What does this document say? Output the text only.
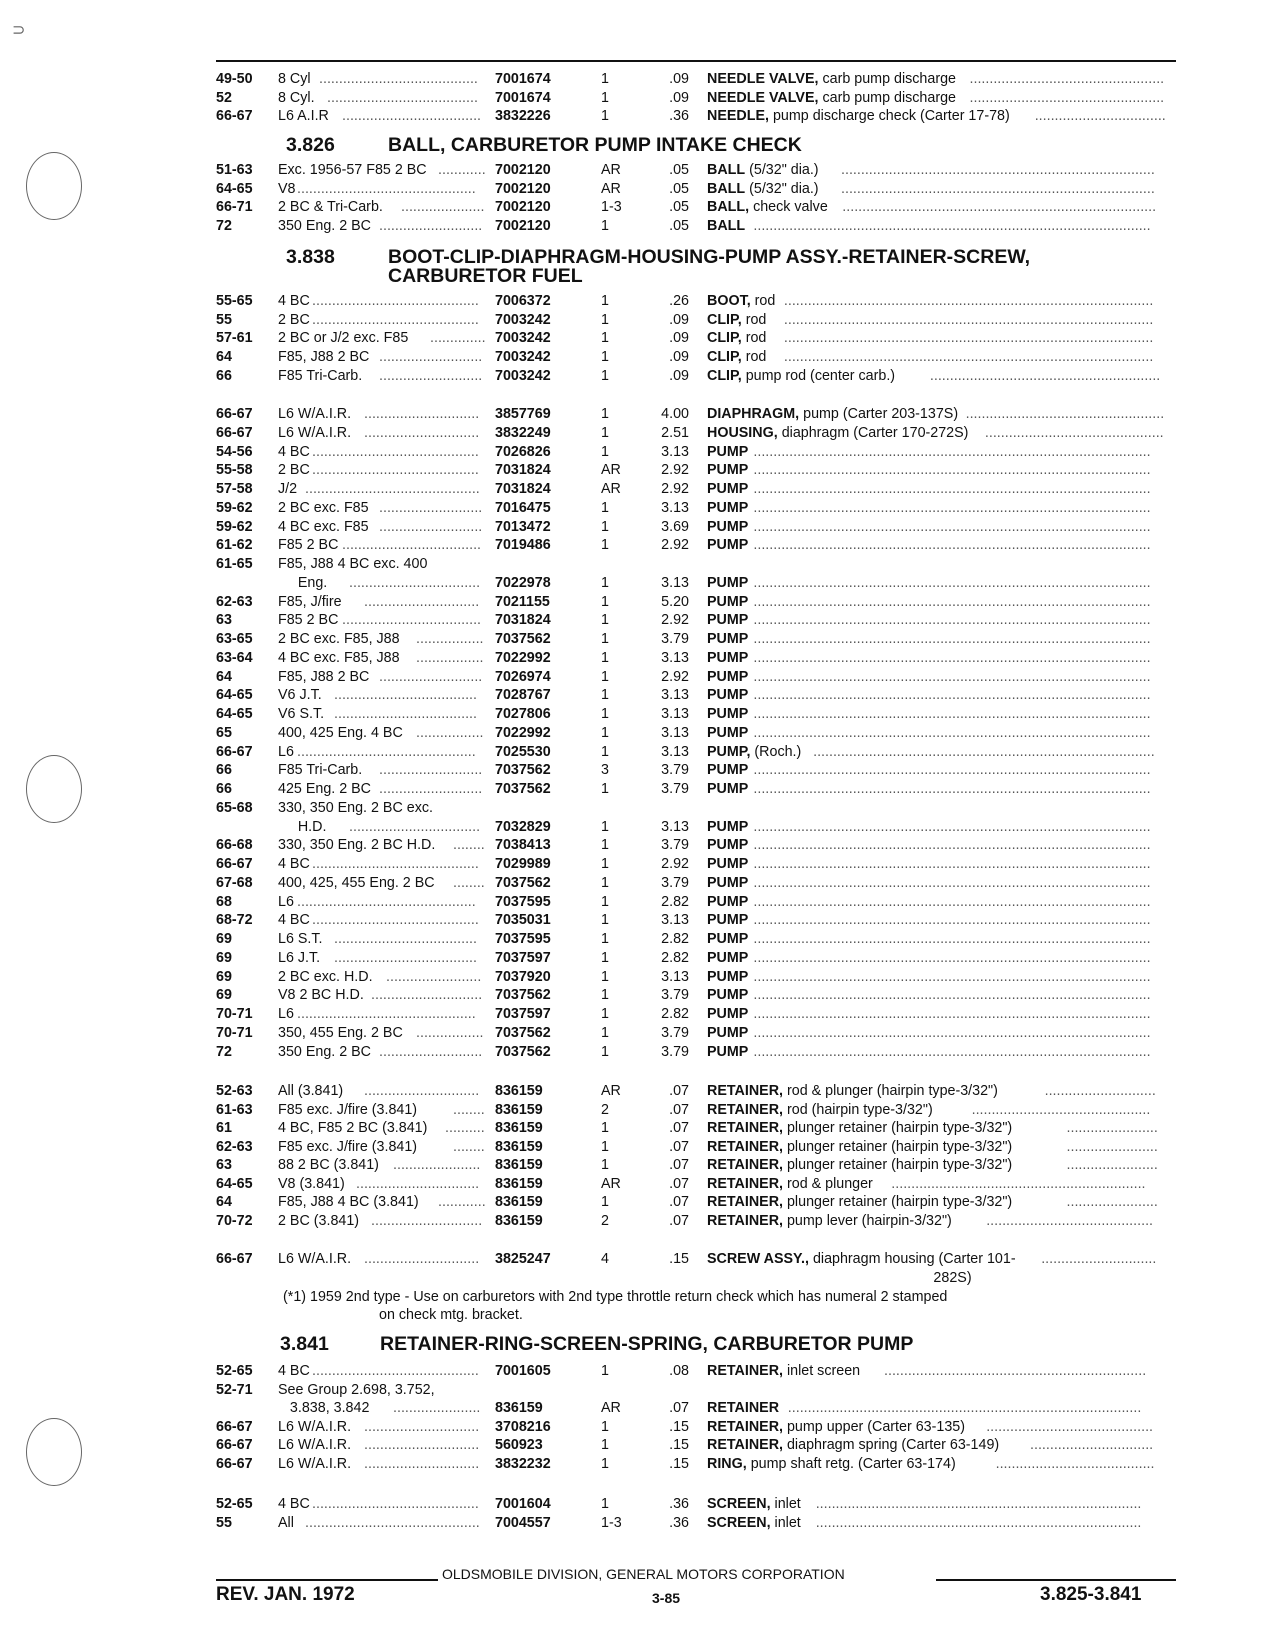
⊃
3.826	BALL, CARBURETOR PUMP INTAKE CHECK
3.838	BOOT-CLIP-DIAPHRAGM-HOUSING-PUMP ASSY.-RETAINER-SCREW,
CARBURETOR FUEL
(*1) 1959 2nd type - Use on carburetors with 2nd type throttle return check which has numeral 2 stamped
on check mtg. bracket.
3.841	RETAINER-RING-SCREEN-SPRING, CARBURETOR PUMP
OLDSMOBILE DIVISION, GENERAL MOTORS CORPORATION
REV. JAN. 1972	3-85	3.825-3.841
49-50 8 Cyl ........................................ 7001674	1	.09 NEEDLE VALVE, carb pump discharge .................................................
52	8 Cyl. ...................................... 7001674	1	.09 NEEDLE VALVE, carb pump discharge .................................................
66-67 L6 A.I.R ................................... 3832226	1	.36 NEEDLE, pump discharge check (Carter 17-78) .................................
51-63 Exc. 1956-57 F85 2 BC ............ 7002120	AR	.05 BALL (5/32" dia.) ...............................................................................
64-65 V8 ............................................. 7002120	AR	.05 BALL (5/32" dia.) ...............................................................................
66-71 2 BC & Tri-Carb. ..................... 7002120	1-3	.05 BALL, check valve ...............................................................................
72	350 Eng. 2 BC .......................... 7002120	1	.05 BALL ....................................................................................................
55-65 4 BC .......................................... 7006372	1	.26 BOOT, rod .............................................................................................
55	2 BC .......................................... 7003242	1	.09 CLIP, rod .............................................................................................
57-61 2 BC or J/2 exc. F85 .............. 7003242	1	.09 CLIP, rod .............................................................................................
64	F85, J88 2 BC .......................... 7003242	1	.09 CLIP, rod .............................................................................................
66	F85 Tri-Carb. .......................... 7003242	1	.09 CLIP, pump rod (center carb.) ..........................................................
66-67 L6 W/A.I.R. ............................. 3857769	1	4.00 DIAPHRAGM, pump (Carter 203-137S) ..................................................
66-67 L6 W/A.I.R. ............................. 3832249	1	2.51 HOUSING, diaphragm (Carter 170-272S) .............................................
54-56 4 BC .......................................... 7026826	1	3.13 PUMP ....................................................................................................
55-58 2 BC .......................................... 7031824	AR	2.92 PUMP ....................................................................................................
57-58 J/2 ............................................ 7031824	AR	2.92 PUMP ....................................................................................................
59-62 2 BC exc. F85 .......................... 7016475	1	3.13 PUMP ....................................................................................................
59-62 4 BC exc. F85 .......................... 7013472	1	3.69 PUMP ....................................................................................................
61-62 F85 2 BC ................................... 7019486	1	2.92 PUMP ....................................................................................................
61-65 F85, J88 4 BC exc. 400

Eng. ................................. 7022978	1	3.13 PUMP ....................................................................................................
62-63 F85, J/fire ............................. 7021155	1	5.20 PUMP ....................................................................................................
63	F85 2 BC ................................... 7031824	1	2.92 PUMP ....................................................................................................
63-65 2 BC exc. F85, J88 ................. 7037562	1	3.79 PUMP ....................................................................................................
63-64 4 BC exc. F85, J88 ................. 7022992	1	3.13 PUMP ....................................................................................................
64	F85, J88 2 BC .......................... 7026974	1	2.92 PUMP ....................................................................................................
64-65 V6 J.T. .................................... 7028767	1	3.13 PUMP ....................................................................................................
64-65 V6 S.T. .................................... 7027806	1	3.13 PUMP ....................................................................................................
65	400, 425 Eng. 4 BC ................. 7022992	1	3.13 PUMP ....................................................................................................
66-67 L6 ............................................. 7025530	1	3.13 PUMP, (Roch.) ......................................................................................
66	F85 Tri-Carb. .......................... 7037562	3	3.79 PUMP ....................................................................................................
66	425 Eng. 2 BC .......................... 7037562	1	3.79 PUMP ....................................................................................................
65-68 330, 350 Eng. 2 BC exc.

H.D. ................................. 7032829	1	3.13 PUMP ....................................................................................................
66-68 330, 350 Eng. 2 BC H.D. ........ 7038413	1	3.79 PUMP ....................................................................................................
66-67 4 BC .......................................... 7029989	1	2.92 PUMP ....................................................................................................
67-68 400, 425, 455 Eng. 2 BC ........ 7037562	1	3.79 PUMP ....................................................................................................
68	L6 ............................................. 7037595	1	2.82 PUMP ....................................................................................................
68-72 4 BC .......................................... 7035031	1	3.13 PUMP ....................................................................................................
69	L6 S.T. .................................... 7037595	1	2.82 PUMP ....................................................................................................
69	L6 J.T. .................................... 7037597	1	2.82 PUMP ....................................................................................................
69	2 BC exc. H.D. ........................ 7037920	1	3.13 PUMP ....................................................................................................
69	V8 2 BC H.D. ............................ 7037562	1	3.79 PUMP ....................................................................................................
70-71 L6 ............................................. 7037597	1	2.82 PUMP ....................................................................................................
70-71 350, 455 Eng. 2 BC ................. 7037562	1	3.79 PUMP ....................................................................................................
72	350 Eng. 2 BC .......................... 7037562	1	3.79 PUMP ....................................................................................................
52-63 All (3.841) ............................. 836159	AR	.07 RETAINER, rod & plunger (hairpin type-3/32")	............................
61-63 F85 exc. J/fire (3.841)	........ 836159	2	.07 RETAINER, rod (hairpin type-3/32")	.............................................
61	4 BC, F85 2 BC (3.841) .......... 836159	1	.07 RETAINER, plunger retainer (hairpin type-3/32")	.......................
62-63 F85 exc. J/fire (3.841)	........ 836159	1	.07 RETAINER, plunger retainer (hairpin type-3/32")	.......................
63	88 2 BC (3.841) ...................... 836159	1	.07 RETAINER, plunger retainer (hairpin type-3/32")	.......................
64-65 V8 (3.841) ............................... 836159	AR	.07 RETAINER, rod & plunger ................................................................
64	F85, J88 4 BC (3.841) ............ 836159	1	.07 RETAINER, plunger retainer (hairpin type-3/32")	.......................
70-72 2 BC (3.841) ............................ 836159	2	.07 RETAINER, pump lever (hairpin-3/32") ..........................................
66-67 L6 W/A.I.R. ............................. 3825247	4	.15 SCREW ASSY., diaphragm housing (Carter 101- .............................
282S)
52-65 4 BC .......................................... 7001605	1	.08 RETAINER, inlet screen ..................................................................
52-71 See Group 2.698, 3.752,

3.838, 3.842 ...................... 836159	AR	.07 RETAINER .........................................................................................
66-67 L6 W/A.I.R. ............................. 3708216	1	.15 RETAINER, pump upper (Carter 63-135) ..........................................
66-67 L6 W/A.I.R. ............................. 560923	1	.15 RETAINER, diaphragm spring (Carter 63-149) ...............................
66-67 L6 W/A.I.R. ............................. 3832232	1	.15 RING, pump shaft retg. (Carter 63-174)	........................................
52-65 4 BC .......................................... 7001604	1	.36 SCREEN, inlet ..................................................................................
55	All ............................................ 7004557	1-3	.36 SCREEN, inlet ..................................................................................
